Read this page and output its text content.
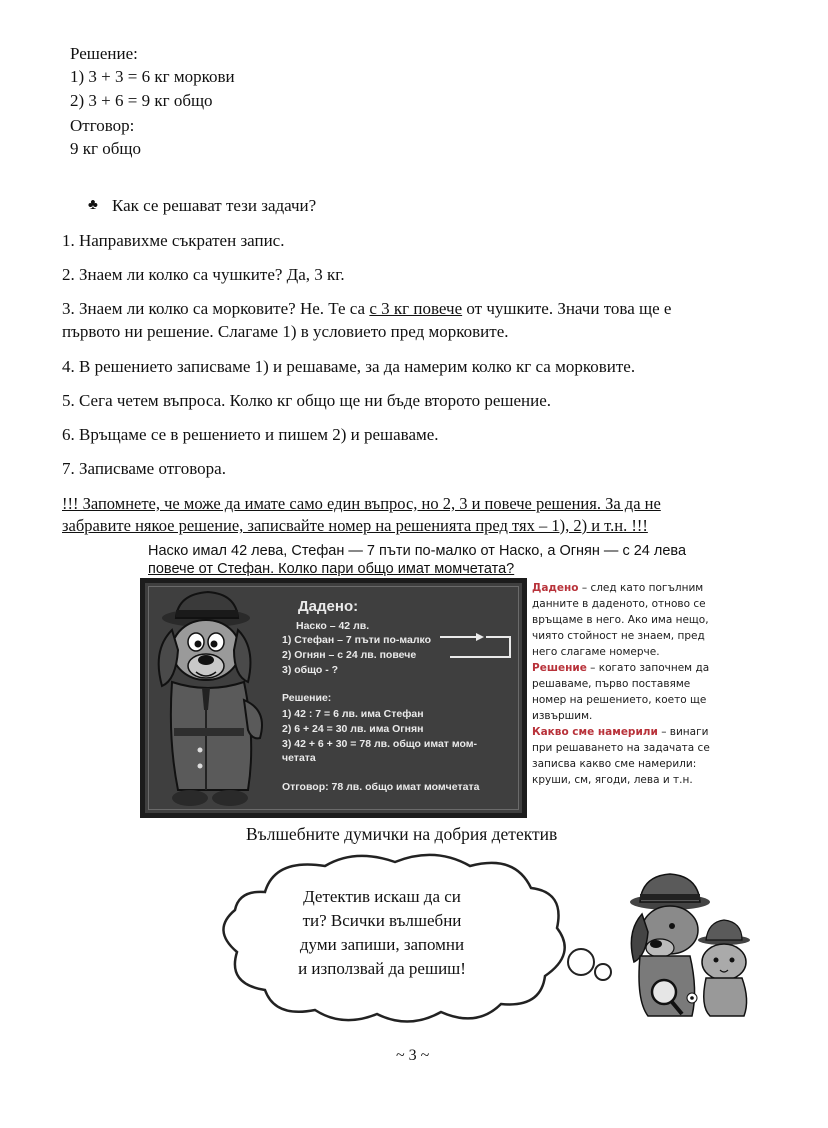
Решение:
1) 3 + 3 = 6 кг моркови
2) 3 + 6 = 9 кг общо
Отговор:
9 кг общо
♣ Как се решават тези задачи?
1. Направихме съкратен запис.
2. Знаем ли колко са чушките? Да, 3 кг.
3. Знаем ли колко са морковите? Не. Те са с 3 кг повече от чушките. Значи това ще е
първото ни решение. Слагаме 1) в условието пред морковите.
4. В решението записваме 1) и решаваме, за да намерим колко кг са морковите.
5. Сега четем въпроса. Колко кг общо ще ни бъде второто решение.
6. Връщаме се в решението и пишем 2) и решаваме.
7. Записваме отговора.
!!! Запомнете, че може да имате само един въпрос, но 2, 3 и повече решения. За да не
забравите някое решение, записвайте номер на решенията пред тях – 1), 2) и т.н. !!!
Наско имал 42 лева, Стефан — 7 пъти по-малко от Наско, а Огнян — с 24 лева
повече от Стефан. Колко пари общо имат момчетата?
Дадено:
Наско – 42 лв.
1) Стефан – 7 пъти по-малко
2) Огнян – с 24 лв. повече
3) общо - ?
Решение:
1) 42 : 7 = 6 лв. има Стефан
2) 6 + 24 = 30 лв. има Огнян
3) 42 + 6 + 30 = 78 лв. общо имат мом-
четата
Отговор: 78 лв. общо имат момчетата
Дадено – след като погълним
данните в даденото, отново се
връщаме в него. Ако има нещо,
чиято стойност не знаем, пред
него слагаме номерче.
Решение – когато започнем да
решаваме, първо поставяме
номер на решението, което ще
извършим.
Какво сме намерили – винаги
при решаването на задачата се
записва какво сме намерили:
круши, см, ягоди, лева и т.н.
Вълшебните думички на добрия детектив
Детектив искаш да си
ти? Всички вълшебни
думи запиши, запомни
и използвай да решиш!
~ 3 ~
